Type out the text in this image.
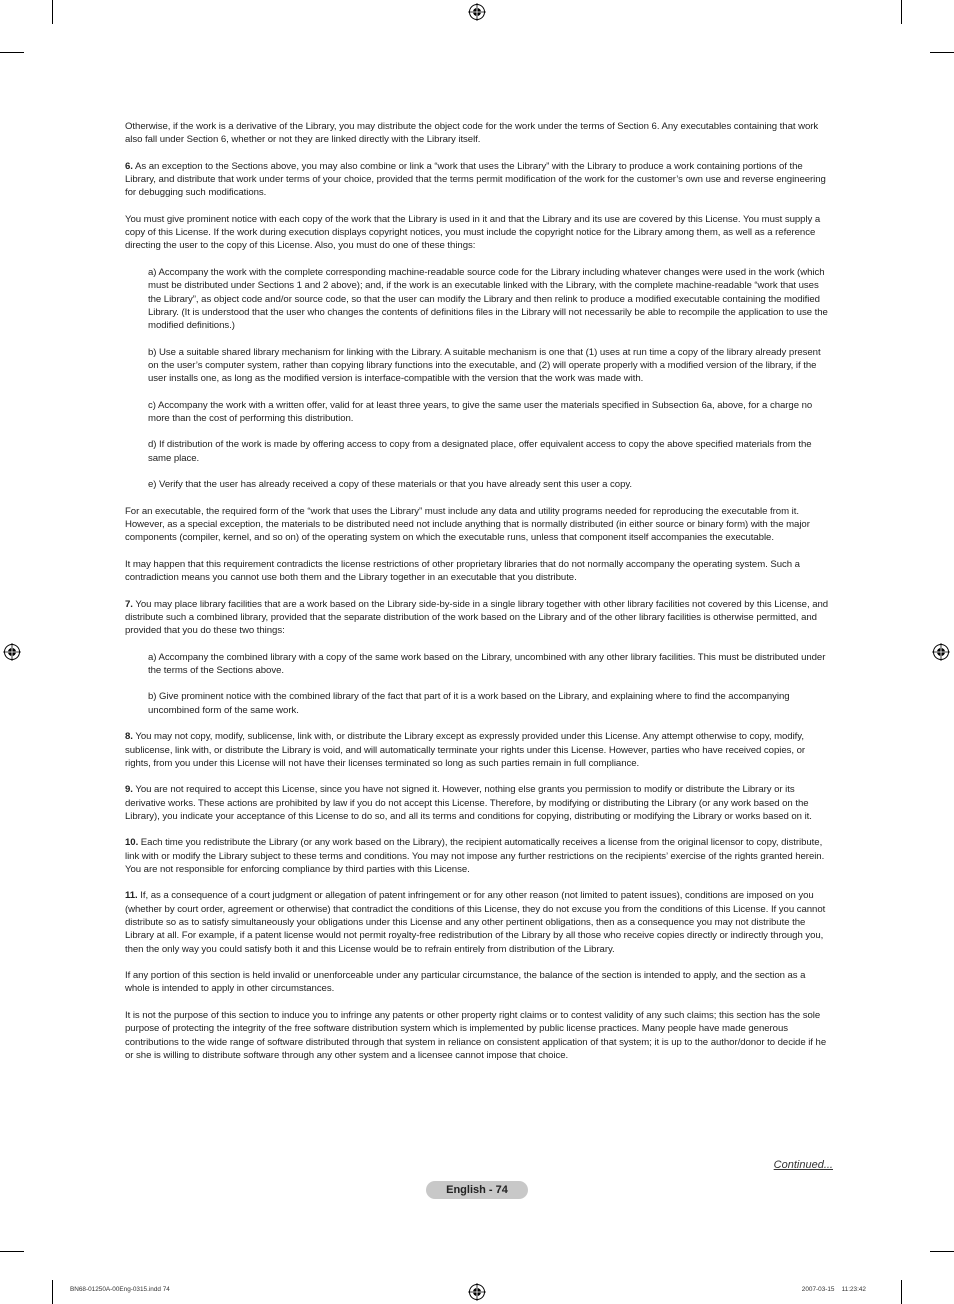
Otherwise, if the work is a derivative of the Library, you may distribute the object code for the work under the terms of Section 6. Any executables containing that work also fall under Section 6, whether or not they are linked directly with the Library itself.

6. As an exception to the Sections above, you may also combine or link a “work that uses the Library” with the Library to produce a work containing portions of the Library, and distribute that work under terms of your choice, provided that the terms permit modification of the work for the customer’s own use and reverse engineering for debugging such modifications.

You must give prominent notice with each copy of the work that the Library is used in it and that the Library and its use are covered by this License. You must supply a copy of this License. If the work during execution displays copyright notices, you must include the copyright notice for the Library among them, as well as a reference directing the user to the copy of this License. Also, you must do one of these things:

a) Accompany the work with the complete corresponding machine-readable source code for the Library including whatever changes were used in the work (which must be distributed under Sections 1 and 2 above); and, if the work is an executable linked with the Library, with the complete machine-readable “work that uses the Library”, as object code and/or source code, so that the user can modify the Library and then relink to produce a modified executable containing the modified Library. (It is understood that the user who changes the contents of definitions files in the Library will not necessarily be able to recompile the application to use the modified definitions.)

b) Use a suitable shared library mechanism for linking with the Library. A suitable mechanism is one that (1) uses at run time a copy of the library already present on the user’s computer system, rather than copying library functions into the executable, and (2) will operate properly with a modified version of the library, if the user installs one, as long as the modified version is interface-compatible with the version that the work was made with.

c) Accompany the work with a written offer, valid for at least three years, to give the same user the materials specified in Subsection 6a, above, for a charge no more than the cost of performing this distribution.

d) If distribution of the work is made by offering access to copy from a designated place, offer equivalent access to copy the above specified materials from the same place.

e) Verify that the user has already received a copy of these materials or that you have already sent this user a copy.

For an executable, the required form of the “work that uses the Library” must include any data and utility programs needed for reproducing the executable from it. However, as a special exception, the materials to be distributed need not include anything that is normally distributed (in either source or binary form) with the major components (compiler, kernel, and so on) of the operating system on which the executable runs, unless that component itself accompanies the executable.

It may happen that this requirement contradicts the license restrictions of other proprietary libraries that do not normally accompany the operating system. Such a contradiction means you cannot use both them and the Library together in an executable that you distribute.

7. You may place library facilities that are a work based on the Library side-by-side in a single library together with other library facilities not covered by this License, and distribute such a combined library, provided that the separate distribution of the work based on the Library and of the other library facilities is otherwise permitted, and provided that you do these two things:

a) Accompany the combined library with a copy of the same work based on the Library, uncombined with any other library facilities. This must be distributed under the terms of the Sections above.

b) Give prominent notice with the combined library of the fact that part of it is a work based on the Library, and explaining where to find the accompanying uncombined form of the same work.

8. You may not copy, modify, sublicense, link with, or distribute the Library except as expressly provided under this License. Any attempt otherwise to copy, modify, sublicense, link with, or distribute the Library is void, and will automatically terminate your rights under this License. However, parties who have received copies, or rights, from you under this License will not have their licenses terminated so long as such parties remain in full compliance.

9. You are not required to accept this License, since you have not signed it. However, nothing else grants you permission to modify or distribute the Library or its derivative works. These actions are prohibited by law if you do not accept this License. Therefore, by modifying or distributing the Library (or any work based on the Library), you indicate your acceptance of this License to do so, and all its terms and conditions for copying, distributing or modifying the Library or works based on it.

10. Each time you redistribute the Library (or any work based on the Library), the recipient automatically receives a license from the original licensor to copy, distribute, link with or modify the Library subject to these terms and conditions. You may not impose any further restrictions on the recipients’ exercise of the rights granted herein. You are not responsible for enforcing compliance by third parties with this License.

11. If, as a consequence of a court judgment or allegation of patent infringement or for any other reason (not limited to patent issues), conditions are imposed on you (whether by court order, agreement or otherwise) that contradict the conditions of this License, they do not excuse you from the conditions of this License. If you cannot distribute so as to satisfy simultaneously your obligations under this License and any other pertinent obligations, then as a consequence you may not distribute the Library at all. For example, if a patent license would not permit royalty-free redistribution of the Library by all those who receive copies directly or indirectly through you, then the only way you could satisfy both it and this License would be to refrain entirely from distribution of the Library.

If any portion of this section is held invalid or unenforceable under any particular circumstance, the balance of the section is intended to apply, and the section as a whole is intended to apply in other circumstances.

It is not the purpose of this section to induce you to infringe any patents or other property right claims or to contest validity of any such claims; this section has the sole purpose of protecting the integrity of the free software distribution system which is implemented by public license practices. Many people have made generous contributions to the wide range of software distributed through that system in reliance on consistent application of that system; it is up to the author/donor to decide if he or she is willing to distribute software through any other system and a licensee cannot impose that choice.

Continued...
English - 74
BN68-01250A-00Eng-0315.indd 74	2007-03-15    11:23:42
